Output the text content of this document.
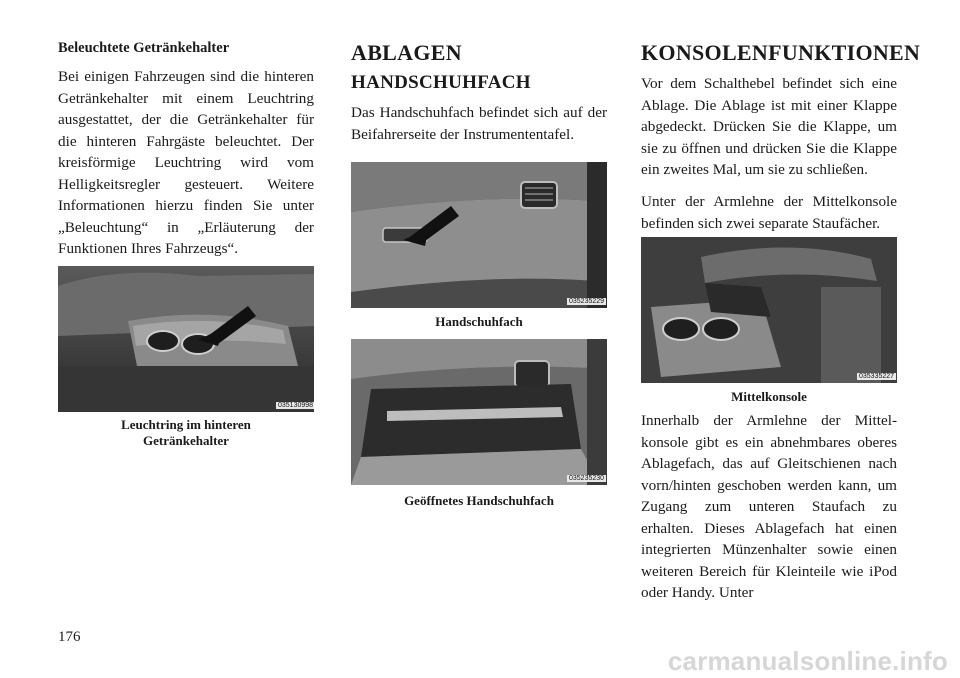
Beleuchtete Getränkehalter

Bei einigen Fahrzeugen sind die hinteren Getränkehalter mit einem Leuchtring ausgestattet, der die Getränkehalter für die hinteren Fahrgäste beleuchtet. Der kreisförmige Leuchtring wird vom Helligkeitsregler gesteuert. Weitere Informationen hierzu finden Sie unter „Beleuchtung“ in „Erläuterung der Funktionen Ihres Fahrzeugs“.

035130998
Leuchtring im hinteren
Getränkehalter
176
ABLAGEN
HANDSCHUHFACH

Das Handschuhfach befindet sich auf der Beifahrerseite der Instrumententafel.

035235229
Handschuhfach
035235230
Geöffnetes Handschuhfach
KONSOLENFUNKTIONEN

Vor dem Schalthebel befindet sich eine Ablage. Die Ablage ist mit einer Klappe abgedeckt. Drücken Sie die Klappe, um sie zu öffnen und drücken Sie die Klappe ein zweites Mal, um sie zu schließen.

Unter der Armlehne der Mittelkonsole befinden sich zwei separate Staufächer.

035335227
Mittelkonsole

Innerhalb der Armlehne der Mittelkonsole gibt es ein abnehmbares oberes Ablagefach, das auf Gleitschienen nach vorn/hinten geschoben werden kann, um Zugang zum unteren Staufach zu erhalten. Dieses Ablagefach hat einen integrierten Münzenhalter sowie einen weiteren Bereich für Kleinteile wie iPod oder Handy. Unter

carmanualsonline.info
